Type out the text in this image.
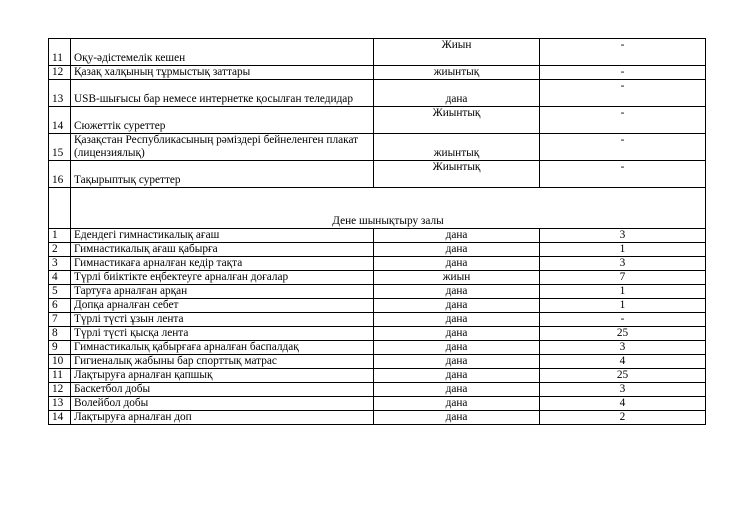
11	Оқу-әдістемелік кешен	Жиын	-
12	Қазақ халқының тұрмыстық заттары	жиынтық	-
13	USB-шығысы бар немесе интернетке қосылған теледидар	дана	-
14	Сюжеттік суреттер	Жиынтық	-
15	Қазақстан Республикасының рәміздері бейнеленген плакат (лицензиялық)	жиынтық	-
16	Тақырыптық суреттер	Жиынтық	-
	Дене шынықтыру залы		
1	Едендегі гимнастикалық ағаш	дана	3
2	Гимнастикалық ағаш қабырға	дана	1
3	Гимнастикаға арналған кедір тақта	дана	3
4	Түрлі биіктікте еңбектеуге арналған доғалар	жиын	7
5	Тартуға арналған арқан	дана	1
6	Допқа арналған себет	дана	1
7	Түрлі түсті ұзын лента	дана	-
8	Түрлі түсті қысқа лента	дана	25
9	Гимнастикалық қабырғаға арналған баспалдақ	дана	3
10	Гигиеналық жабыны бар спорттық матрас	дана	4
11	Лақтыруға арналған қапшық	дана	25
12	Баскетбол добы	дана	3
13	Волейбол добы	дана	4
14	Лақтыруға арналған доп	дана	2
